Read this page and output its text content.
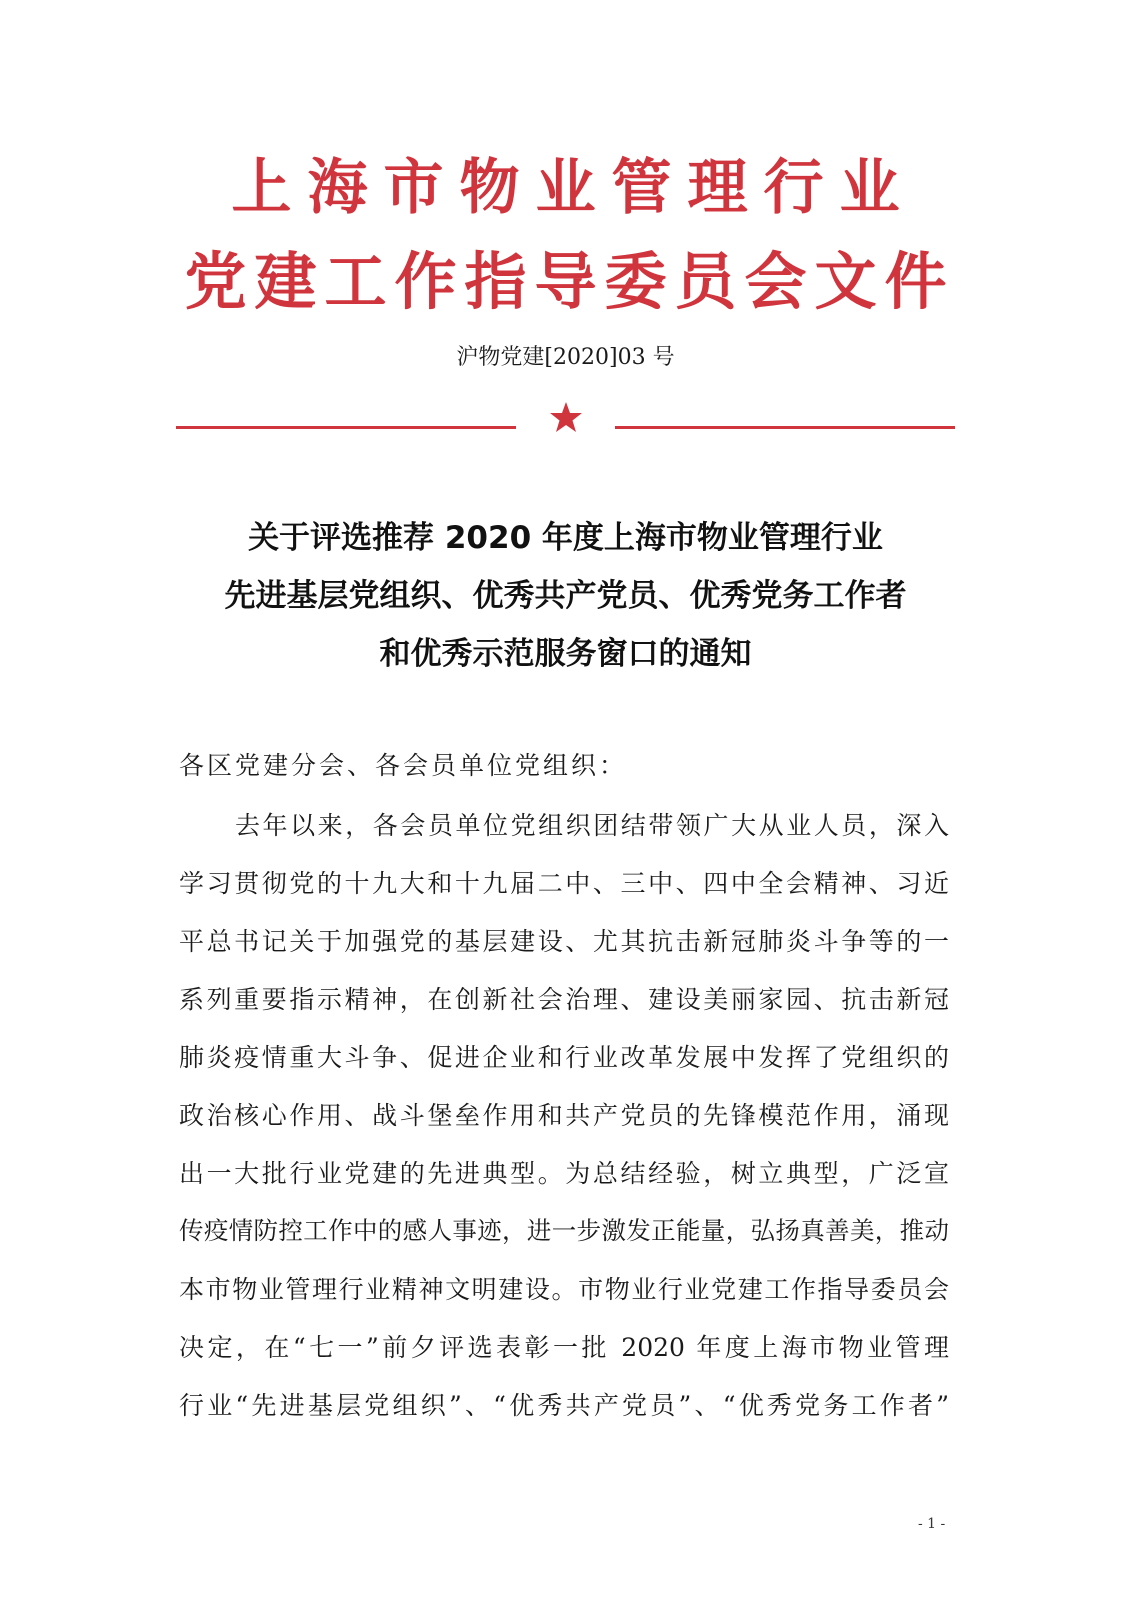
上海市物业管理行业
党建工作指导委员会文件
沪物党建[2020]03 号
关于评选推荐 2020 年度上海市物业管理行业
先进基层党组织、优秀共产党员、优秀党务工作者
和优秀示范服务窗口的通知
各区党建分会、各会员单位党组织：
去年以来，各会员单位党组织团结带领广大从业人员，深入
学习贯彻党的十九大和十九届二中、三中、四中全会精神、习近
平总书记关于加强党的基层建设、尤其抗击新冠肺炎斗争等的一
系列重要指示精神，在创新社会治理、建设美丽家园、抗击新冠
肺炎疫情重大斗争、促进企业和行业改革发展中发挥了党组织的
政治核心作用、战斗堡垒作用和共产党员的先锋模范作用，涌现
出一大批行业党建的先进典型。为总结经验，树立典型，广泛宣
传疫情防控工作中的感人事迹，进一步激发正能量，弘扬真善美，推动
本市物业管理行业精神文明建设。市物业行业党建工作指导委员会
决定，在“七一”前夕评选表彰一批 2020 年度上海市物业管理
行业“先进基层党组织”、“优秀共产党员”、“优秀党务工作者”
- 1 -
